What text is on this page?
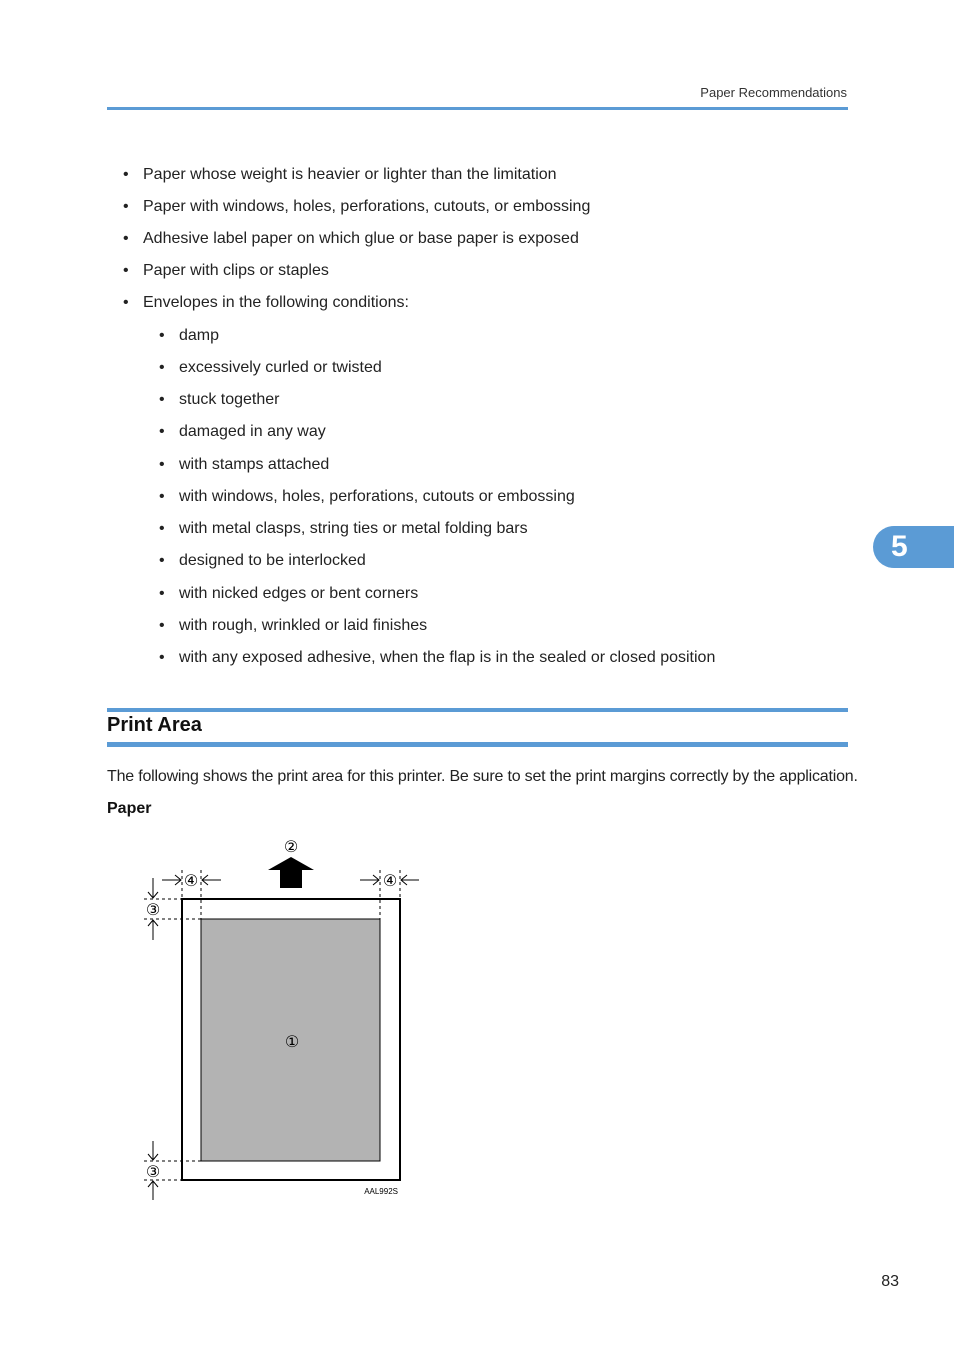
Paper Recommendations
• Paper whose weight is heavier or lighter than the limitation
• Paper with windows, holes, perforations, cutouts, or embossing
• Adhesive label paper on which glue or base paper is exposed
• Paper with clips or staples
• Envelopes in the following conditions:
• damp
• excessively curled or twisted
• stuck together
• damaged in any way
• with stamps attached
• with windows, holes, perforations, cutouts or embossing
• with metal clasps, string ties or metal folding bars
• designed to be interlocked
• with nicked edges or bent corners
• with rough, wrinkled or laid finishes
• with any exposed adhesive, when the flap is in the sealed or closed position
Print Area
The following shows the print area for this printer. Be sure to set the print margins correctly by the application.
Paper
②
④	④
③
③
①
AAL992S
5
83
